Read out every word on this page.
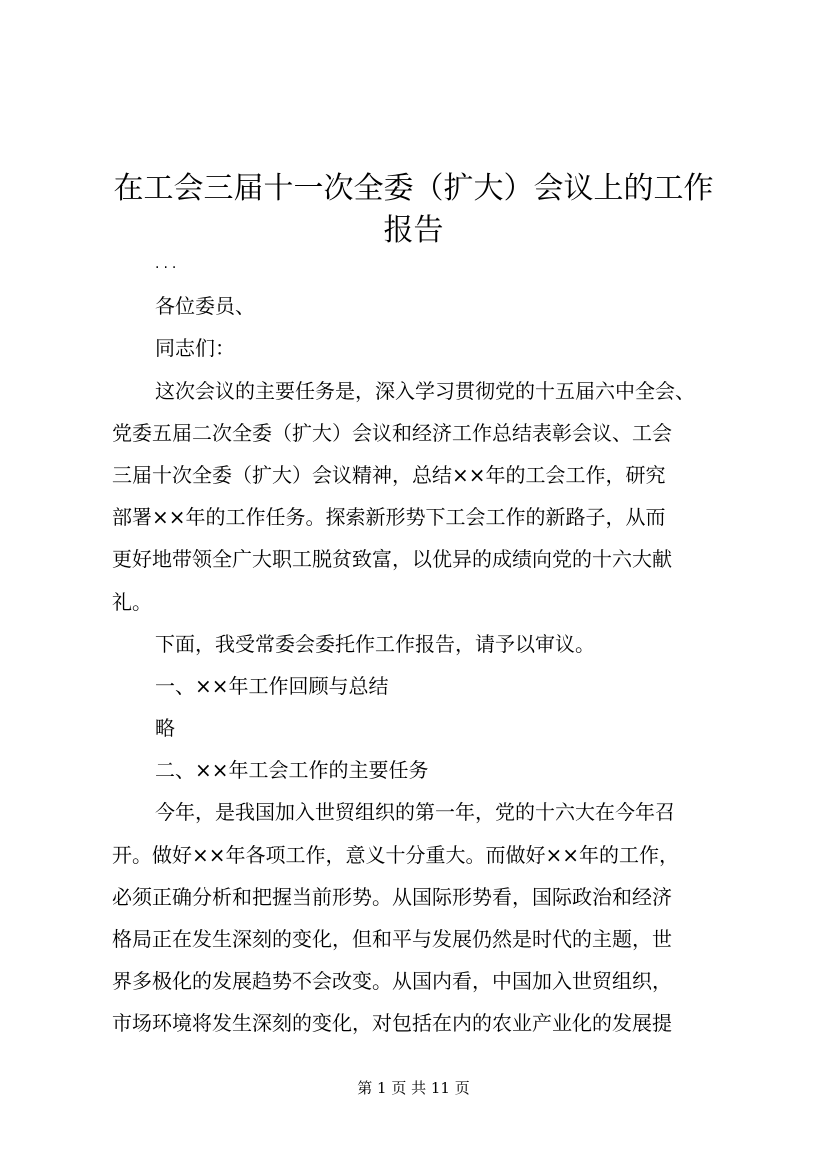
在工会三届十一次全委（扩大）会议上的工作
报告
...
各位委员、
同志们：
这次会议的主要任务是，深入学习贯彻党的十五届六中全会、
党委五届二次全委（扩大）会议和经济工作总结表彰会议、工会
三届十次全委（扩大）会议精神，总结××年的工会工作，研究
部署××年的工作任务。探索新形势下工会工作的新路子，从而
更好地带领全广大职工脱贫致富，以优异的成绩向党的十六大献
礼。
下面，我受常委会委托作工作报告，请予以审议。
一、××年工作回顾与总结
略
二、××年工会工作的主要任务
今年，是我国加入世贸组织的第一年，党的十六大在今年召
开。做好××年各项工作，意义十分重大。而做好××年的工作，
必须正确分析和把握当前形势。从国际形势看，国际政治和经济
格局正在发生深刻的变化，但和平与发展仍然是时代的主题，世
界多极化的发展趋势不会改变。从国内看，中国加入世贸组织，
市场环境将发生深刻的变化，对包括在内的农业产业化的发展提
第 1 页 共 11 页
